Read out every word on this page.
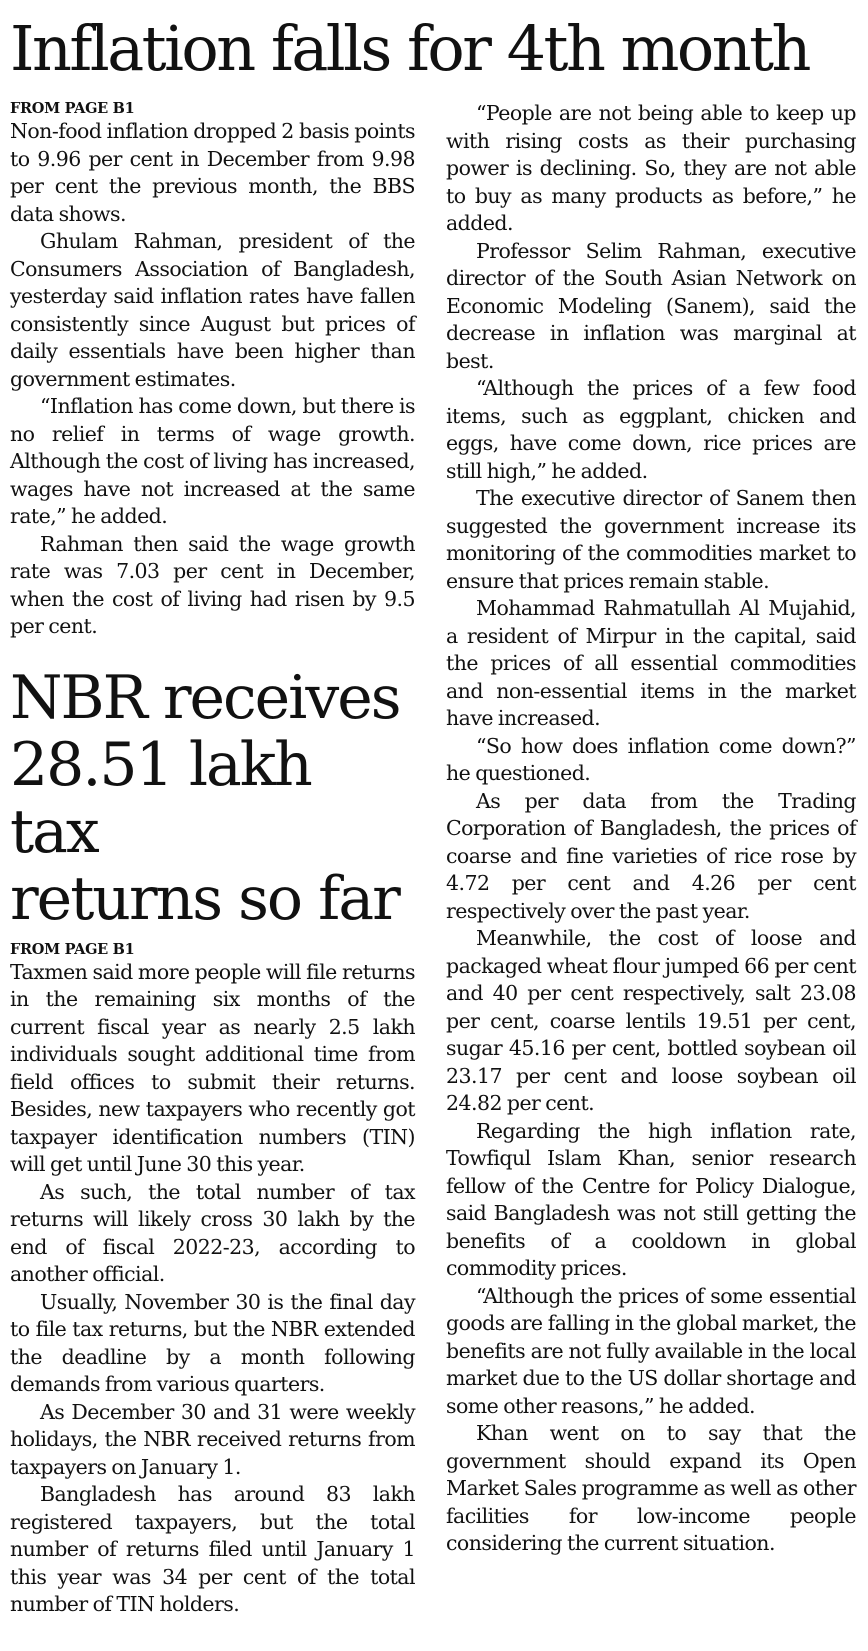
Inflation falls for 4th month
FROM PAGE B1

Non-food inflation dropped 2 basis points to 9.96 per cent in December from 9.98 per cent the previous month, the BBS data shows.

Ghulam Rahman, president of the Consumers Association of Bangladesh, yesterday said inflation rates have fallen consistently since August but prices of daily essentials have been higher than government estimates.

“Inflation has come down, but there is no relief in terms of wage growth. Although the cost of living has increased, wages have not increased at the same rate,” he added.

Rahman then said the wage growth rate was 7.03 per cent in December, when the cost of living had risen by 9.5 per cent.

NBR receives
28.51 lakh tax
returns so far
FROM PAGE B1

Taxmen said more people will file returns in the remaining six months of the current fiscal year as nearly 2.5 lakh individuals sought additional time from field offices to submit their returns. Besides, new taxpayers who recently got taxpayer identification numbers (TIN) will get until June 30 this year.

As such, the total number of tax returns will likely cross 30 lakh by the end of fiscal 2022-23, according to another official.

Usually, November 30 is the final day to file tax returns, but the NBR extended the deadline by a month following demands from various quarters.

As December 30 and 31 were weekly holidays, the NBR received returns from taxpayers on January 1.

Bangladesh has around 83 lakh registered taxpayers, but the total number of returns filed until January 1 this year was 34 per cent of the total number of TIN holders.

“People are not being able to keep up with rising costs as their purchasing power is declining. So, they are not able to buy as many products as before,” he added.

Professor Selim Rahman, executive director of the South Asian Network on Economic Modeling (Sanem), said the decrease in inflation was marginal at best.

“Although the prices of a few food items, such as eggplant, chicken and eggs, have come down, rice prices are still high,” he added.

The executive director of Sanem then suggested the government increase its monitoring of the commodities market to ensure that prices remain stable.

Mohammad Rahmatullah Al Mujahid, a resident of Mirpur in the capital, said the prices of all essential commodities and non-essential items in the market have increased.

“So how does inflation come down?” he questioned.

As per data from the Trading Corporation of Bangladesh, the prices of coarse and fine varieties of rice rose by 4.72 per cent and 4.26 per cent respectively over the past year.

Meanwhile, the cost of loose and packaged wheat flour jumped 66 per cent and 40 per cent respectively, salt 23.08 per cent, coarse lentils 19.51 per cent, sugar 45.16 per cent, bottled soybean oil 23.17 per cent and loose soybean oil 24.82 per cent.

Regarding the high inflation rate, Towfiqul Islam Khan, senior research fellow of the Centre for Policy Dialogue, said Bangladesh was not still getting the benefits of a cooldown in global commodity prices.

“Although the prices of some essential goods are falling in the global market, the benefits are not fully available in the local market due to the US dollar shortage and some other reasons,” he added.

Khan went on to say that the government should expand its Open Market Sales programme as well as other facilities for low-income people considering the current situation.
